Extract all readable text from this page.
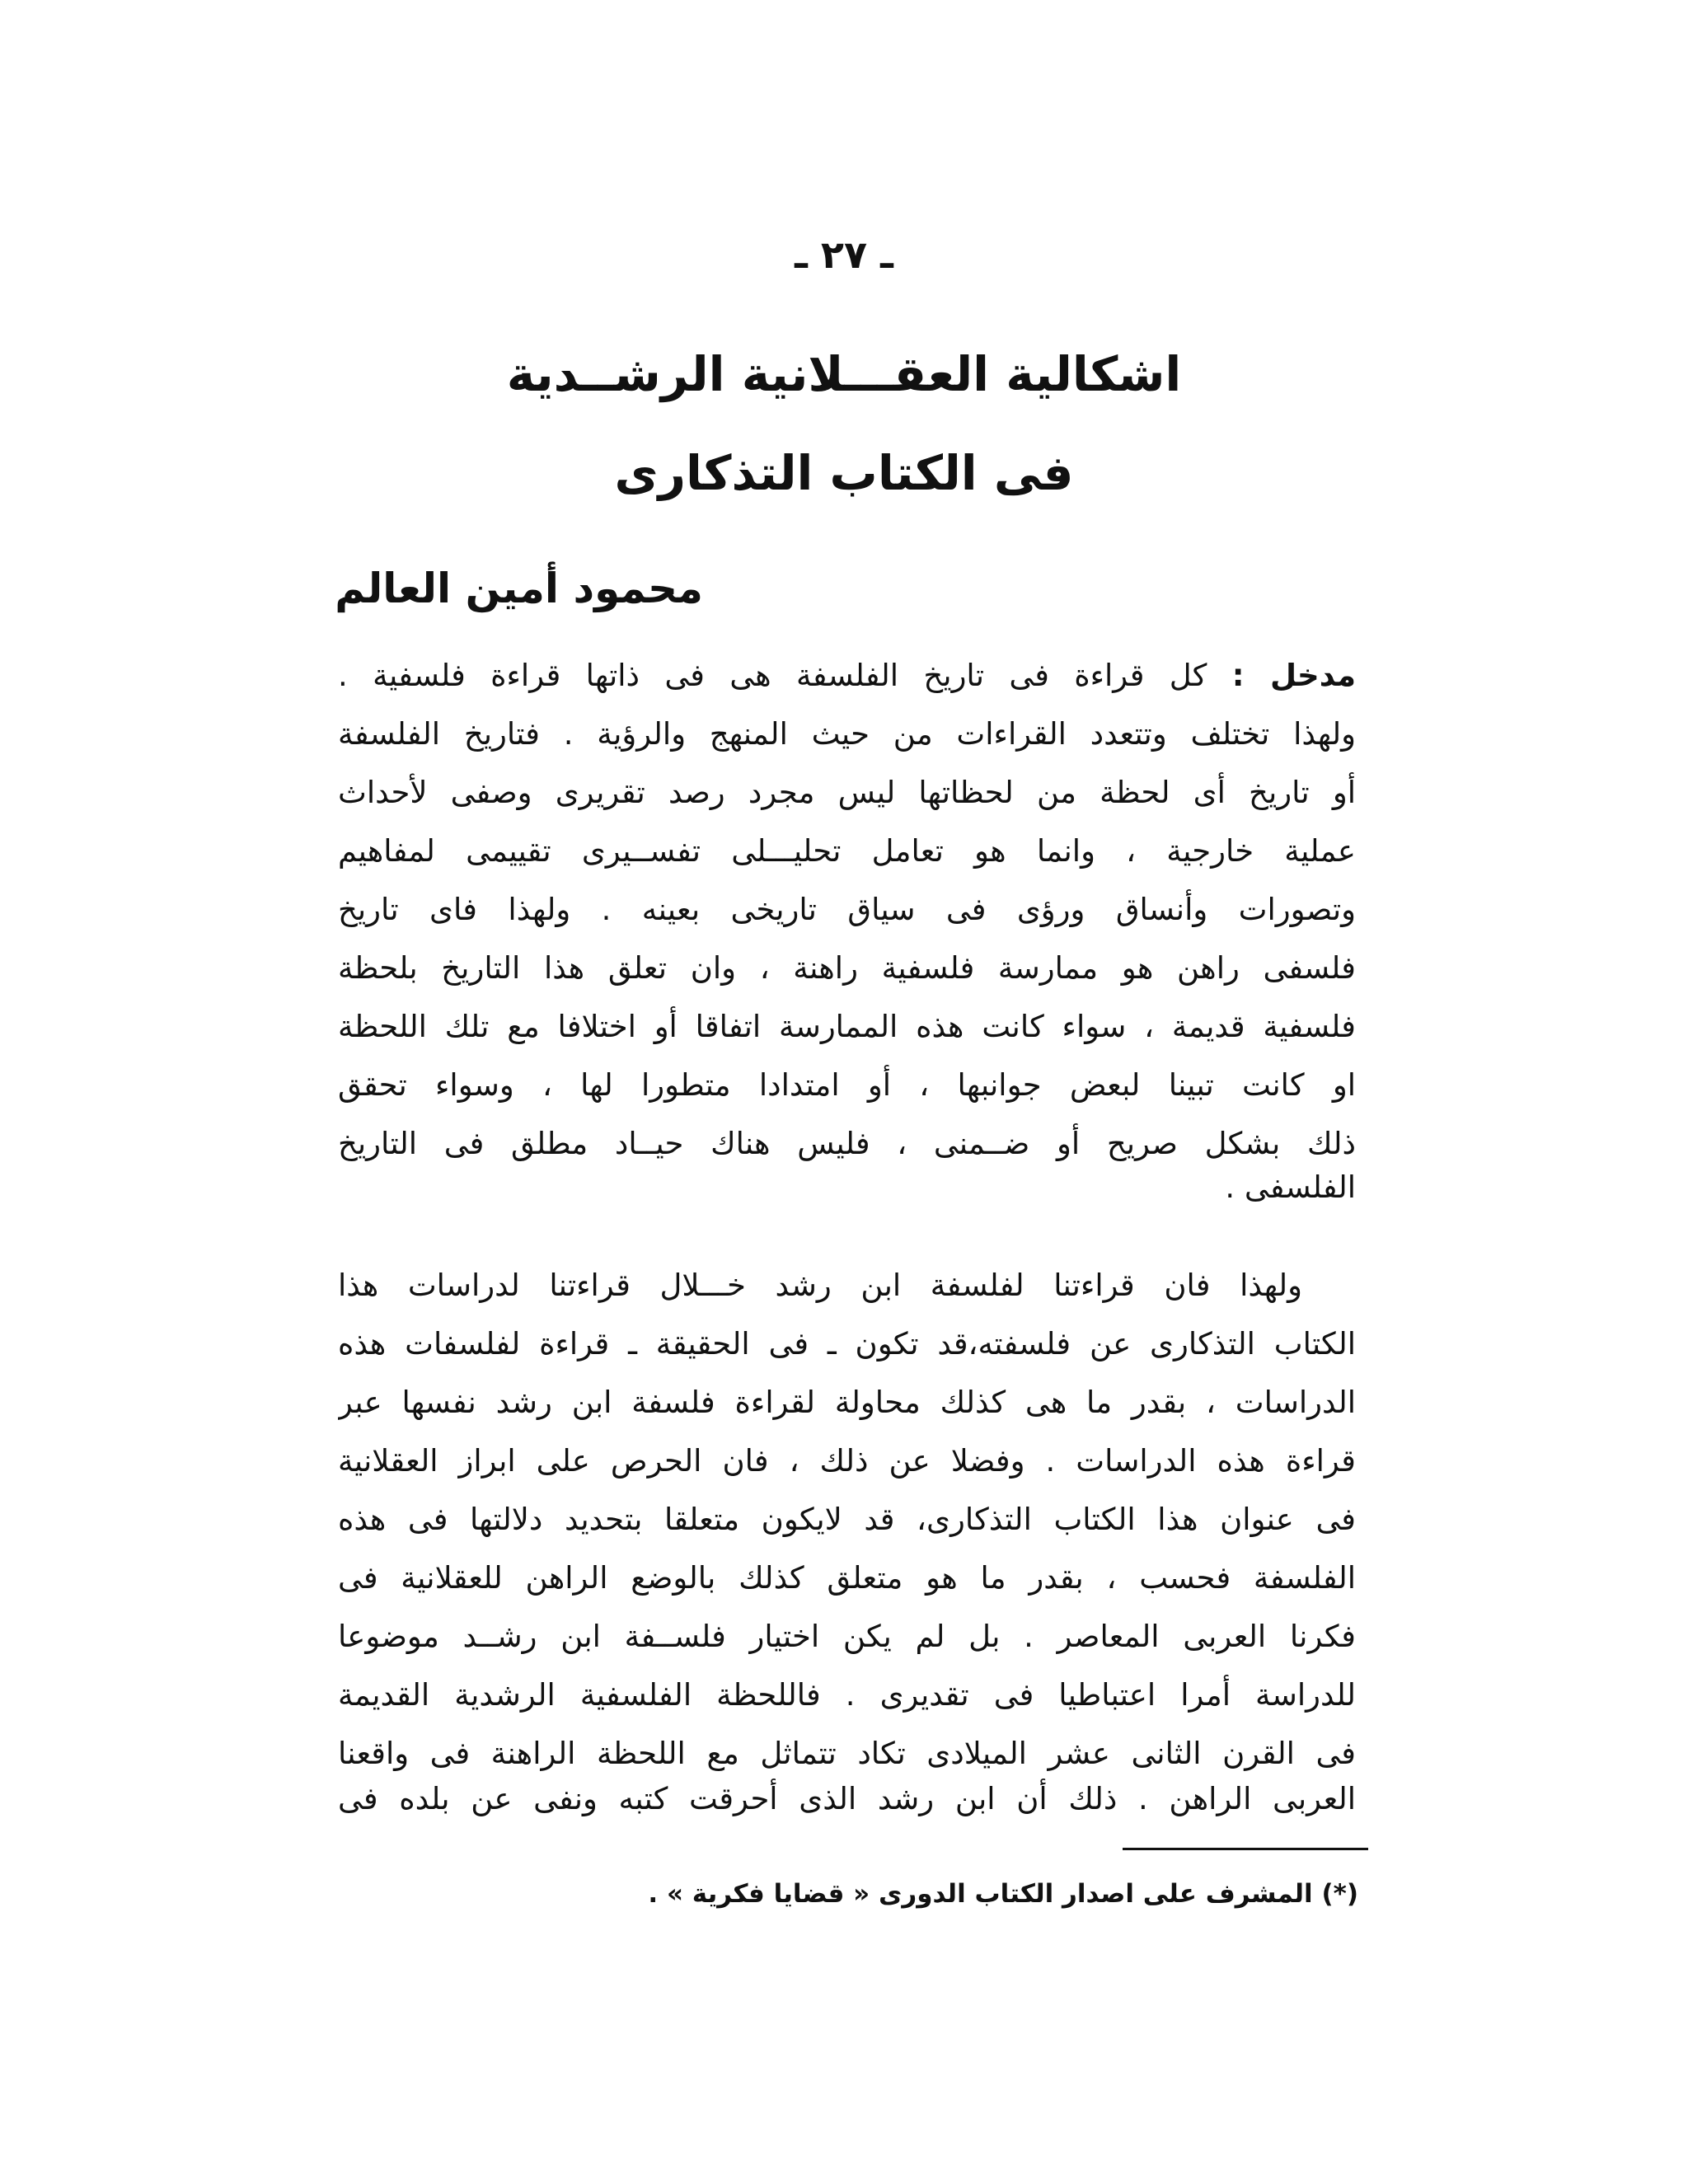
ـ ٢٧ ـ
اشكالية العقـــلانية الرشــدية
فى الكتاب التذكارى
محمود أمين العالم
مدخل : كل قراءة فى تاريخ الفلسفة هى فى ذاتها قراءة فلسفية .
ولهذا تختلف وتتعدد القراءات من حيث المنهج والرؤية . فتاريخ الفلسفة
أو تاريخ أى لحظة من لحظاتها ليس مجرد رصد تقريرى وصفى لأحداث
عملية خارجية ، وانما هو تعامل تحليـــلى تفســيرى تقييمى لمفاهيم
وتصورات وأنساق ورؤى فى سياق تاريخى بعينه . ولهذا فاى تاريخ
فلسفى راهن هو ممارسة فلسفية راهنة ، وان تعلق هذا التاريخ بلحظة
فلسفية قديمة ، سواء كانت هذه الممارسة اتفاقا أو اختلافا مع تلك اللحظة
او كانت تبينا لبعض جوانبها ، أو امتدادا متطورا لها ، وسواء تحقق
ذلك بشكل صريح أو ضــمنى ، فليس هناك حيــاد مطلق فى التاريخ
الفلسفى .
ولهذا فان قراءتنا لفلسفة ابن رشد خـــلال قراءتنا لدراسات هذا
الكتاب التذكارى عن فلسفته،قد تكون ـ فى الحقيقة ـ قراءة لفلسفات هذه
الدراسات ، بقدر ما هى كذلك محاولة لقراءة فلسفة ابن رشد نفسها عبر
قراءة هذه الدراسات . وفضلا عن ذلك ، فان الحرص على ابراز العقلانية
فى عنوان هذا الكتاب التذكارى، قد لايكون متعلقا بتحديد دلالتها فى هذه
الفلسفة فحسب ، بقدر ما هو متعلق كذلك بالوضع الراهن للعقلانية فى
فكرنا العربى المعاصر . بل لم يكن اختيار فلســفة ابن رشــد موضوعا
للدراسة أمرا اعتباطيا فى تقديرى . فاللحظة الفلسفية الرشدية القديمة
فى القرن الثانى عشر الميلادى تكاد تتماثل مع اللحظة الراهنة فى واقعنا
العربى الراهن . ذلك أن ابن رشد الذى أحرقت كتبه ونفى عن بلده فى
(*) المشرف على اصدار الكتاب الدورى « قضايا فكرية » .
